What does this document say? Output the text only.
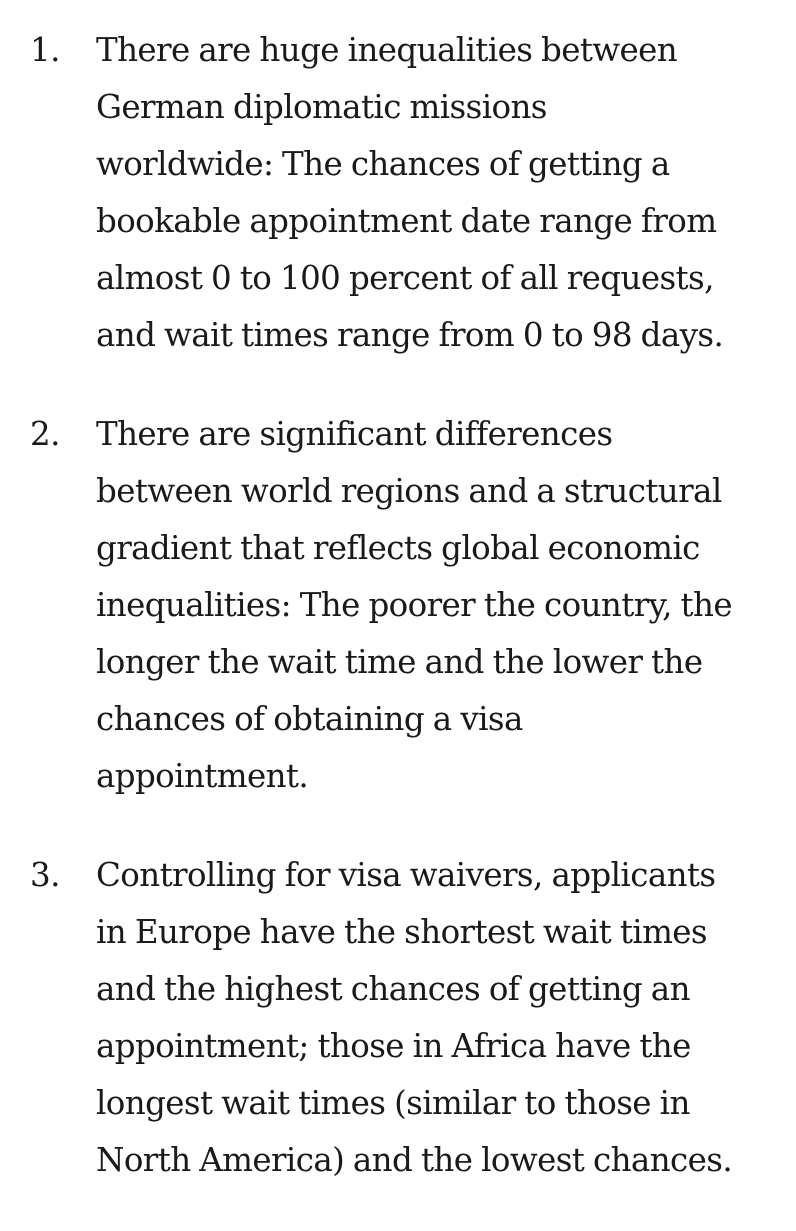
1.	There are huge inequalities between
German diplomatic missions
worldwide: The chances of getting a
bookable appointment date range from
almost 0 to 100 percent of all requests,
and wait times range from 0 to 98 days.
2.	There are significant differences
between world regions and a structural
gradient that reflects global economic
inequalities: The poorer the country, the
longer the wait time and the lower the
chances of obtaining a visa
appointment.
3.	Controlling for visa waivers, applicants
in Europe have the shortest wait times
and the highest chances of getting an
appointment; those in Africa have the
longest wait times (similar to those in
North America) and the lowest chances.
